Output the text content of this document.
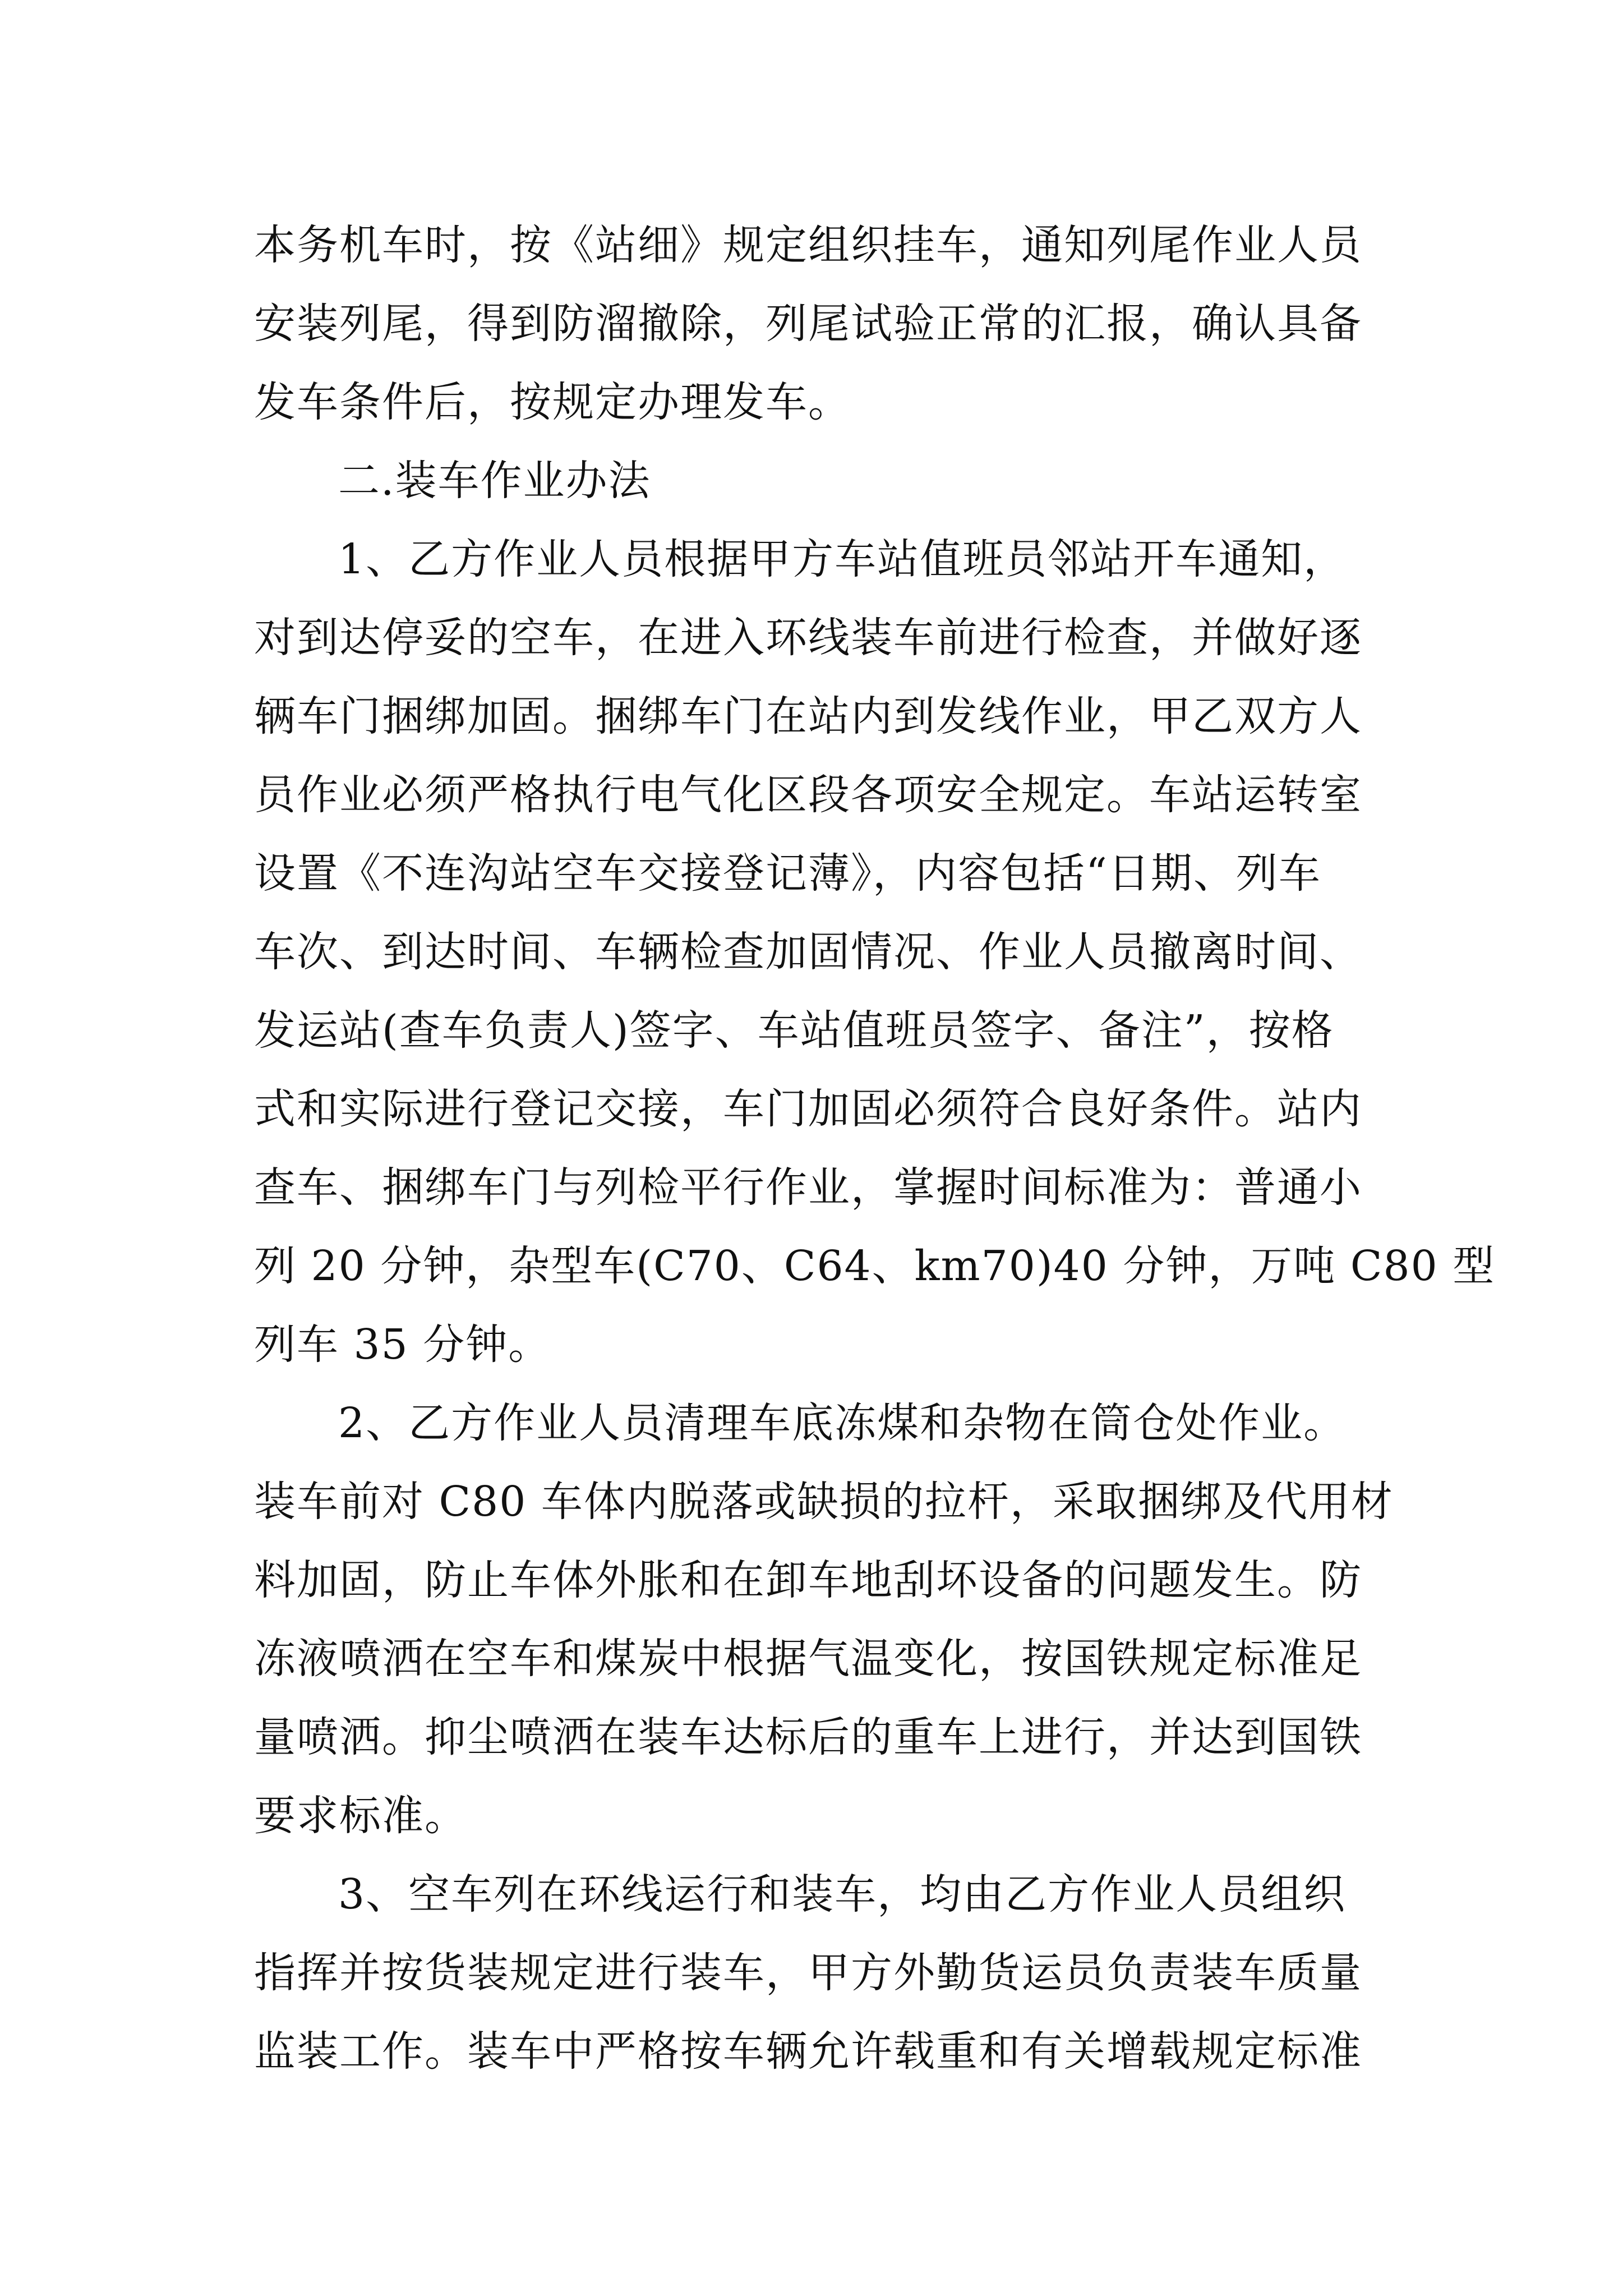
本务机车时，按《站细》规定组织挂车，通知列尾作业人员
安装列尾，得到防溜撤除，列尾试验正常的汇报，确认具备
发车条件后，按规定办理发车。
二.装车作业办法
1、乙方作业人员根据甲方车站值班员邻站开车通知，
对到达停妥的空车，在进入环线装车前进行检查，并做好逐
辆车门捆绑加固。捆绑车门在站内到发线作业，甲乙双方人
员作业必须严格执行电气化区段各项安全规定。车站运转室
设置《不连沟站空车交接登记薄》，内容包括“日期、列车
车次、到达时间、车辆检查加固情况、作业人员撤离时间、
发运站(查车负责人)签字、车站值班员签字、备注”，按格
式和实际进行登记交接，车门加固必须符合良好条件。站内
查车、捆绑车门与列检平行作业，掌握时间标准为：普通小
列 20 分钟，杂型车(C70、C64、km70)40 分钟，万吨 C80 型
列车 35 分钟。
2、乙方作业人员清理车底冻煤和杂物在筒仓处作业。
装车前对 C80 车体内脱落或缺损的拉杆，采取捆绑及代用材
料加固，防止车体外胀和在卸车地刮坏设备的问题发生。防
冻液喷洒在空车和煤炭中根据气温变化，按国铁规定标准足
量喷洒。抑尘喷洒在装车达标后的重车上进行，并达到国铁
要求标准。
3、空车列在环线运行和装车，均由乙方作业人员组织
指挥并按货装规定进行装车，甲方外勤货运员负责装车质量
监装工作。装车中严格按车辆允许载重和有关增载规定标准
